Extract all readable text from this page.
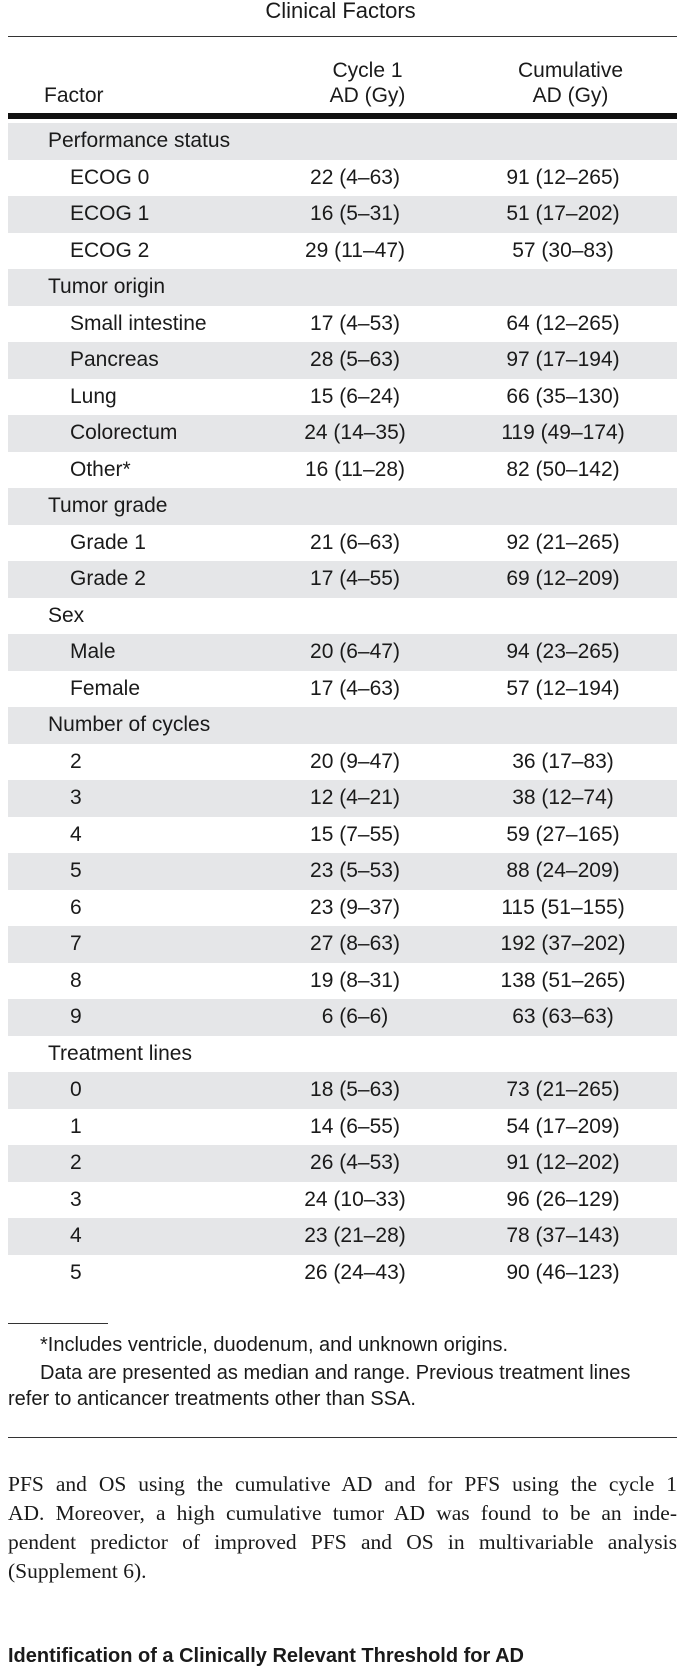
Clinical Factors
Factor
Cycle 1
AD (Gy)
Cumulative
AD (Gy)
Performance status
ECOG 0	22 (4–63)	91 (12–265)
ECOG 1	16 (5–31)	51 (17–202)
ECOG 2	29 (11–47)	57 (30–83)
Tumor origin
Small intestine	17 (4–53)	64 (12–265)
Pancreas	28 (5–63)	97 (17–194)
Lung	15 (6–24)	66 (35–130)
Colorectum	24 (14–35)	119 (49–174)
Other*	16 (11–28)	82 (50–142)
Tumor grade
Grade 1	21 (6–63)	92 (21–265)
Grade 2	17 (4–55)	69 (12–209)
Sex
Male	20 (6–47)	94 (23–265)
Female	17 (4–63)	57 (12–194)
Number of cycles
2	20 (9–47)	36 (17–83)
3	12 (4–21)	38 (12–74)
4	15 (7–55)	59 (27–165)
5	23 (5–53)	88 (24–209)
6	23 (9–37)	115 (51–155)
7	27 (8–63)	192 (37–202)
8	19 (8–31)	138 (51–265)
9	6 (6–6)	63 (63–63)
Treatment lines
0	18 (5–63)	73 (21–265)
1	14 (6–55)	54 (17–209)
2	26 (4–53)	91 (12–202)
3	24 (10–33)	96 (26–129)
4	23 (21–28)	78 (37–143)
5	26 (24–43)	90 (46–123)
*Includes ventricle, duodenum, and unknown origins.
Data are presented as median and range. Previous treatment lines refer to anticancer treatments other than SSA.
PFS and OS using the cumulative AD and for PFS using the cycle 1
AD. Moreover, a high cumulative tumor AD was found to be an inde-
pendent predictor of improved PFS and OS in multivariable analysis
(Supplement 6).
Identification of a Clinically Relevant Threshold for AD
